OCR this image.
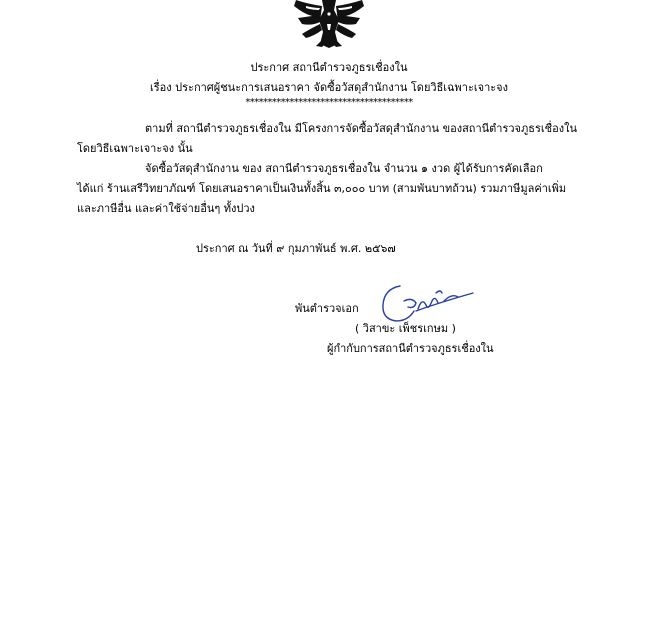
ประกาศ สถานีตำรวจภูธรเชื่องใน
เรื่อง ประกาศผู้ชนะการเสนอราคา จัดซื้อวัสดุสำนักงาน โดยวิธีเฉพาะเจาะจง
**************************************
ตามที่ สถานีตำรวจภูธรเชื่องใน มีโครงการจัดซื้อวัสดุสำนักงาน ของสถานีตำรวจภูธรเชื่องใน
โดยวิธีเฉพาะเจาะจง นั้น
จัดซื้อวัสดุสำนักงาน ของ สถานีตำรวจภูธรเชื่องใน จำนวน ๑ งวด ผู้ได้รับการคัดเลือก
ได้แก่ ร้านเสรีวิทยาภัณฑ์ โดยเสนอราคาเป็นเงินทั้งสิ้น ๓,๐๐๐ บาท (สามพันบาทถ้วน) รวมภาษีมูลค่าเพิ่ม
และภาษีอื่น และค่าใช้จ่ายอื่นๆ ทั้งปวง
ประกาศ ณ วันที่ ๙ กุมภาพันธ์ พ.ศ. ๒๕๖๗
พันตำรวจเอก
( วิสาขะ เพ็ชรเกษม )
ผู้กำกับการสถานีตำรวจภูธรเชื่องใน
